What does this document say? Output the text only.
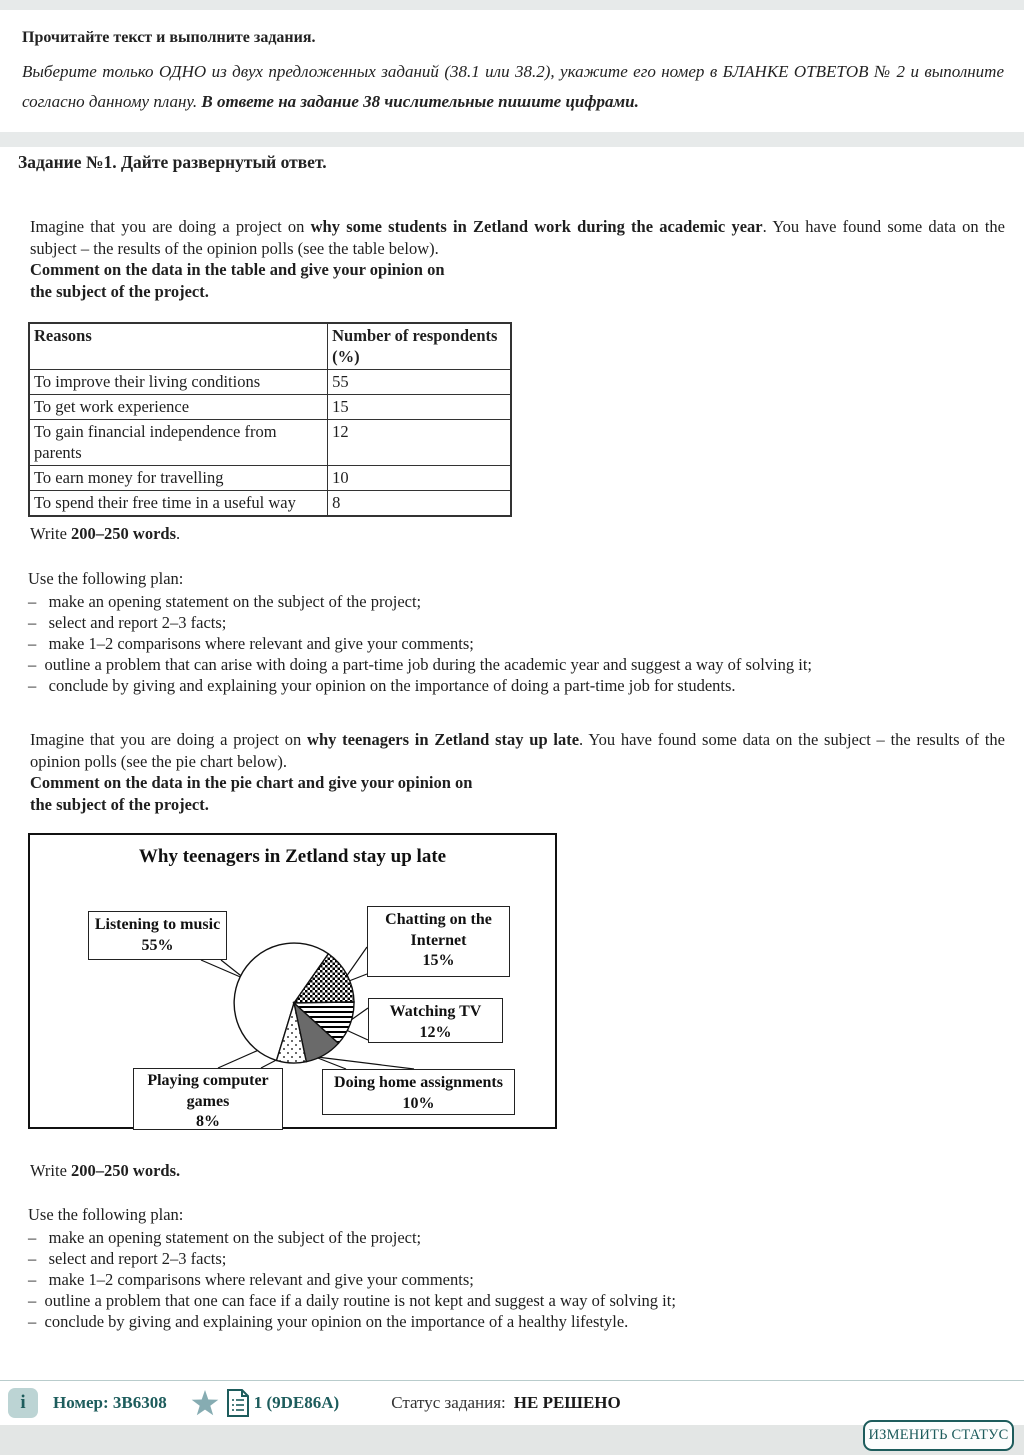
Прочитайте текст и выполните задания.
Выберите только ОДНО из двух предложенных заданий (38.1 или 38.2), укажите его номер в БЛАНКЕ ОТВЕТОВ № 2 и выполните согласно данному плану. В ответе на задание 38 числительные пишите цифрами.
Задание №1. Дайте развернутый ответ.
Imagine that you are doing a project on why some students in Zetland work during the academic year. You have found some data on the subject – the results of the opinion polls (see the table below).
Comment on the data in the table and give your opinion on
the subject of the project.
Reasons	Number of respondents
(%)

To improve their living conditions	55
To get work experience	15
To gain financial independence from parents	12
To earn money for travelling	10
To spend their free time in a useful way	8
Write 200–250 words.
Use the following plan:
–   make an opening statement on the subject of the project;
–   select and report 2–3 facts;
–   make 1–2 comparisons where relevant and give your comments;
–  outline a problem that can arise with doing a part-time job during the academic year and suggest a way of solving it;
–   conclude by giving and explaining your opinion on the importance of doing a part-time job for students.
Imagine that you are doing a project on why teenagers in Zetland stay up late. You have found some data on the subject – the results of the opinion polls (see the pie chart below).
Comment on the data in the pie chart and give your opinion on
the subject of the project.
Why teenagers in Zetland stay up late
Listening to music
55%
Chatting on the
Internet
15%
Watching TV
12%
Playing computer
games
8%
Doing home assignments
10%
Write 200–250 words.
Use the following plan:
–   make an opening statement on the subject of the project;
–   select and report 2–3 facts;
–   make 1–2 comparisons where relevant and give your comments;
–  outline a problem that one can face if a daily routine is not kept and suggest a way of solving it;
–  conclude by giving and explaining your opinion on the importance of a healthy lifestyle.
i	Номер: 3B6308	1 (9DE86A)	Статус задания: НЕ РЕШЕНО
ИЗМЕНИТЬ СТАТУС
